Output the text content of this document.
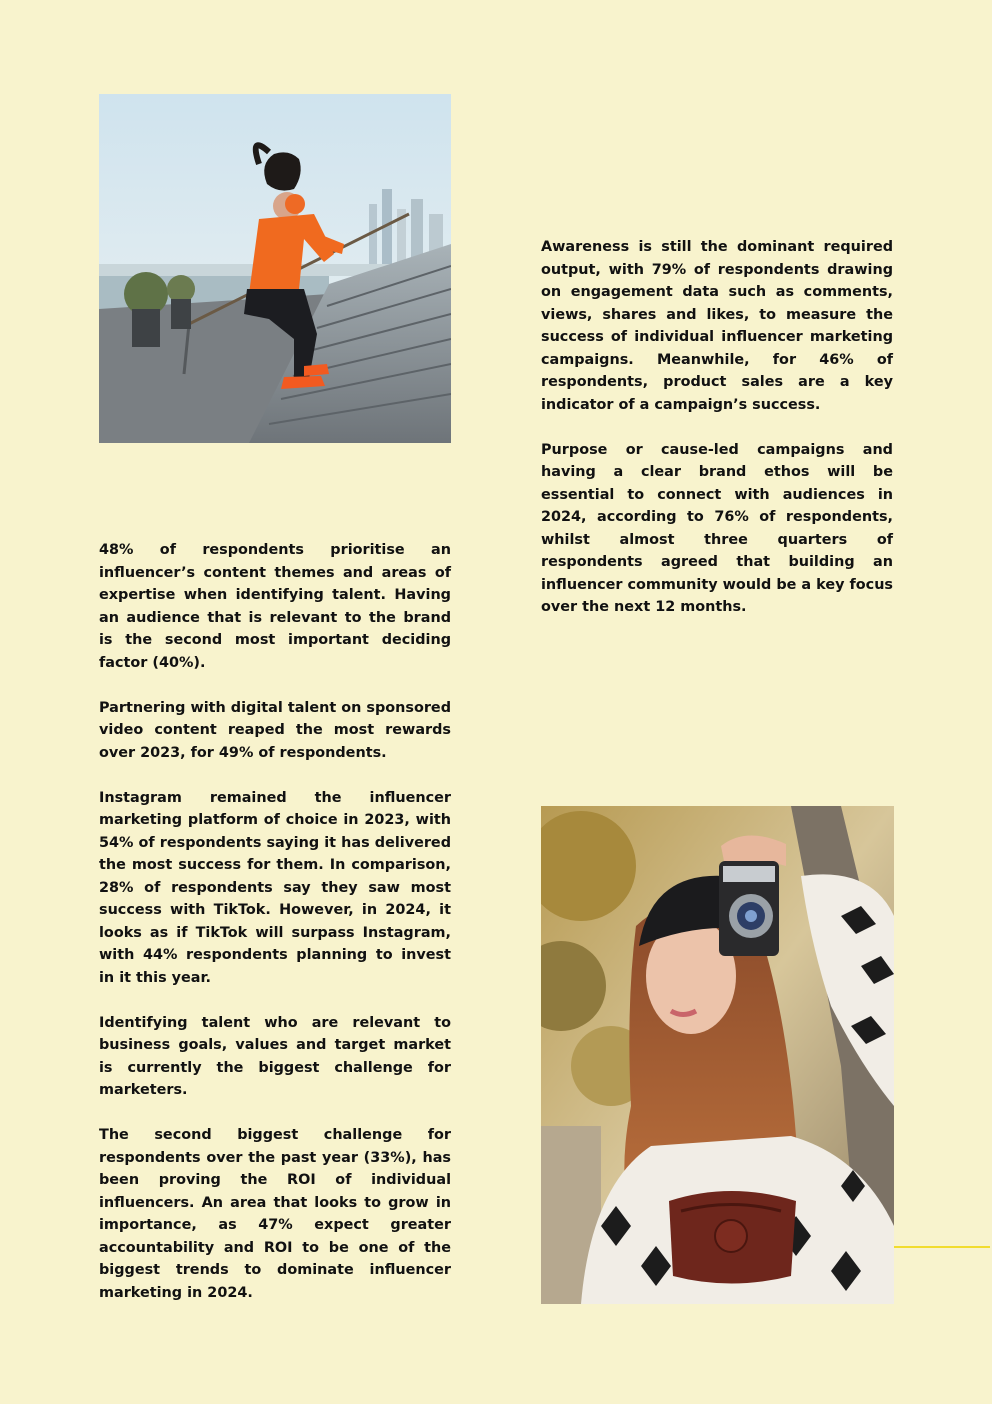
Awareness is still the dominant required output, with 79% of respondents drawing on engagement data such as comments, views, shares and likes, to measure the success of individual influencer marketing campaigns. Meanwhile, for 46% of respondents, product sales are a key indicator of a campaign’s success.

Purpose or cause-led campaigns and having a clear brand ethos will be essential to connect with audiences in 2024, according to 76% of respondents, whilst almost three quarters of respondents agreed that building an influencer community would be a key focus over the next 12 months.

48% of respondents prioritise an influencer’s content themes and areas of expertise when identifying talent. Having an audience that is relevant to the brand is the second most important deciding factor (40%).

Partnering with digital talent on sponsored video content reaped the most rewards over 2023, for 49% of respondents.

Instagram remained the influencer marketing platform of choice in 2023, with 54% of respondents saying it has delivered the most success for them. In comparison, 28% of respondents say they saw most success with TikTok. However, in 2024, it looks as if TikTok will surpass Instagram, with 44% respondents planning to invest in it this year.

Identifying talent who are relevant to business goals, values and target market is currently the biggest challenge for marketers.

The second biggest challenge for respondents over the past year (33%), has been proving the ROI of individual influencers. An area that looks to grow in importance, as 47% expect greater accountability and ROI to be one of the biggest trends to dominate influencer marketing in 2024.
